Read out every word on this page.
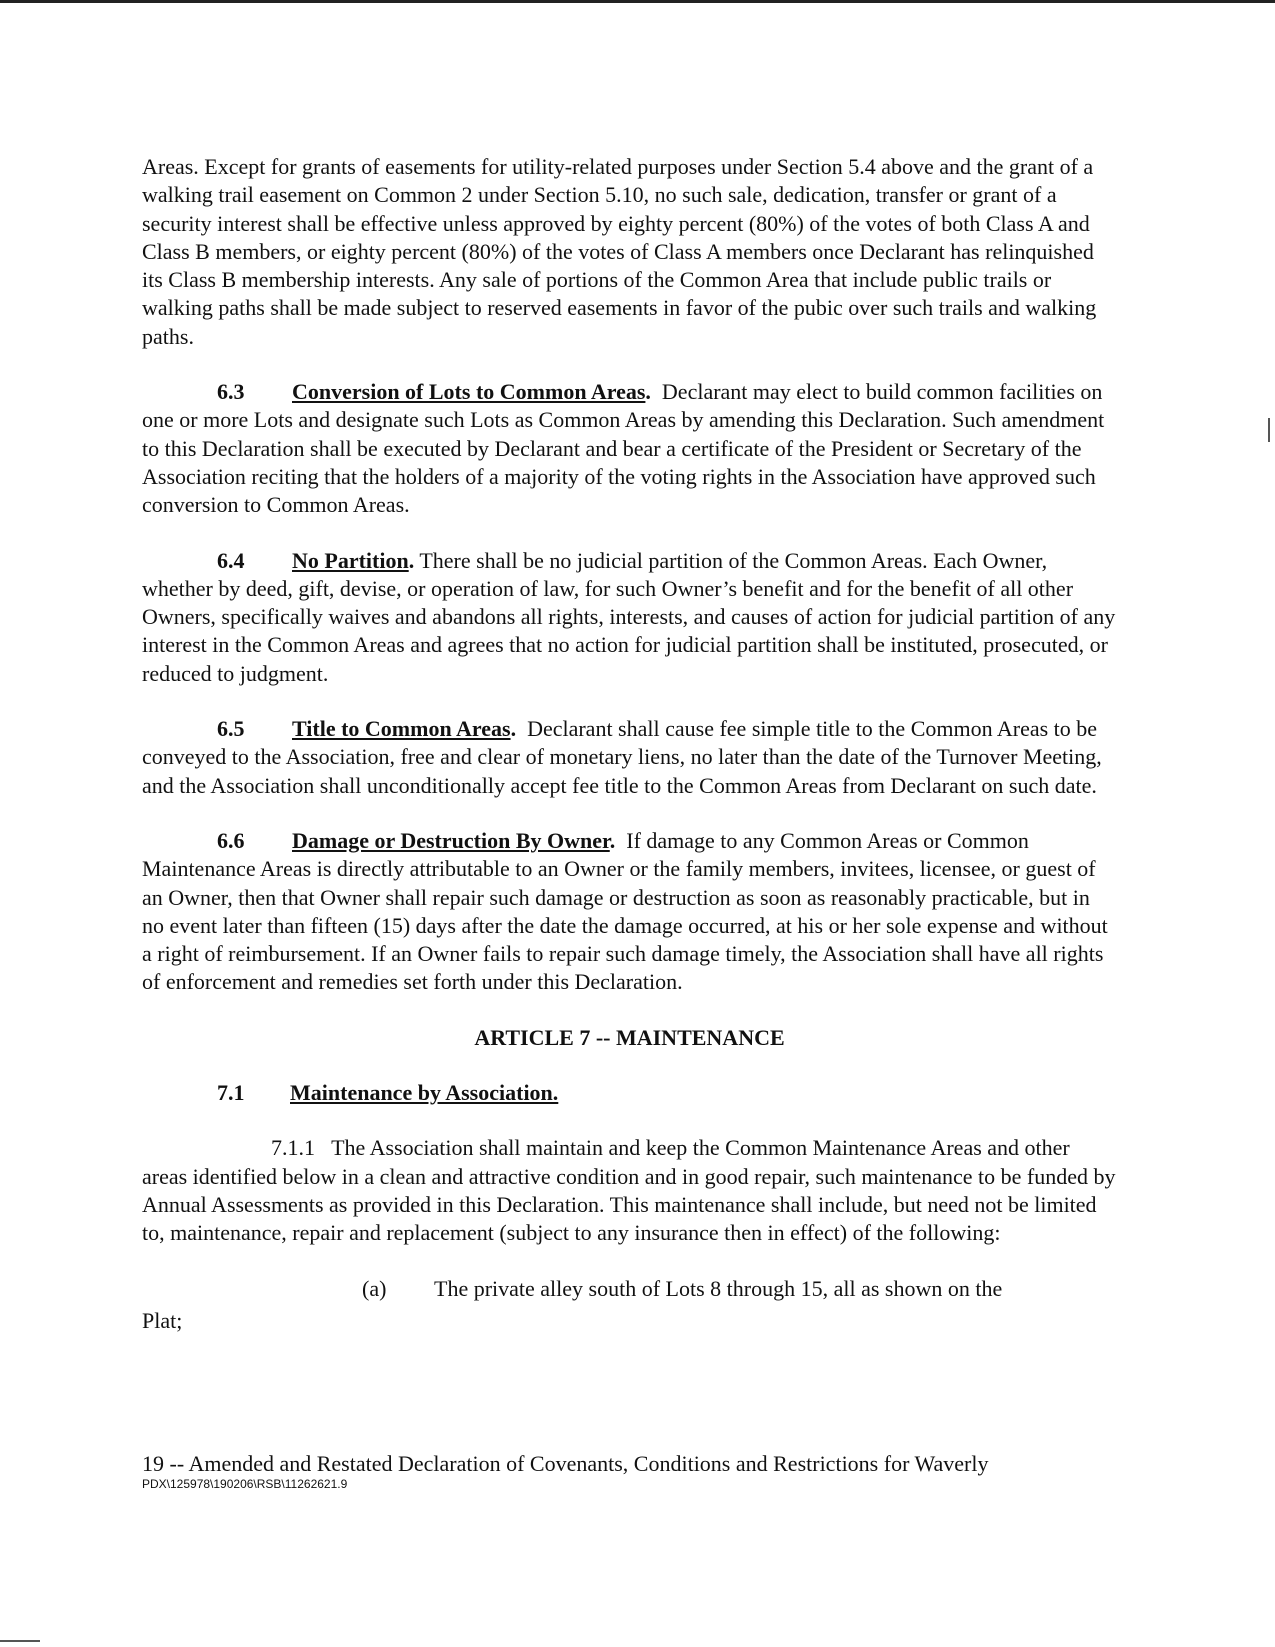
Areas. Except for grants of easements for utility-related purposes under Section 5.4 above and the grant of a walking trail easement on Common 2 under Section 5.10, no such sale, dedication, transfer or grant of a security interest shall be effective unless approved by eighty percent (80%) of the votes of both Class A and Class B members, or eighty percent (80%) of the votes of Class A members once Declarant has relinquished its Class B membership interests. Any sale of portions of the Common Area that include public trails or walking paths shall be made subject to reserved easements in favor of the pubic over such trails and walking paths.

6.3 Conversion of Lots to Common Areas. Declarant may elect to build common facilities on one or more Lots and designate such Lots as Common Areas by amending this Declaration. Such amendment to this Declaration shall be executed by Declarant and bear a certificate of the President or Secretary of the Association reciting that the holders of a majority of the voting rights in the Association have approved such conversion to Common Areas.

6.4 No Partition. There shall be no judicial partition of the Common Areas. Each Owner, whether by deed, gift, devise, or operation of law, for such Owner’s benefit and for the benefit of all other Owners, specifically waives and abandons all rights, interests, and causes of action for judicial partition of any interest in the Common Areas and agrees that no action for judicial partition shall be instituted, prosecuted, or reduced to judgment.

6.5 Title to Common Areas. Declarant shall cause fee simple title to the Common Areas to be conveyed to the Association, free and clear of monetary liens, no later than the date of the Turnover Meeting, and the Association shall unconditionally accept fee title to the Common Areas from Declarant on such date.

6.6 Damage or Destruction By Owner. If damage to any Common Areas or Common Maintenance Areas is directly attributable to an Owner or the family members, invitees, licensee, or guest of an Owner, then that Owner shall repair such damage or destruction as soon as reasonably practicable, but in no event later than fifteen (15) days after the date the damage occurred, at his or her sole expense and without a right of reimbursement. If an Owner fails to repair such damage timely, the Association shall have all rights of enforcement and remedies set forth under this Declaration.

ARTICLE 7 -- MAINTENANCE

7.1 Maintenance by Association.

7.1.1 The Association shall maintain and keep the Common Maintenance Areas and other areas identified below in a clean and attractive condition and in good repair, such maintenance to be funded by Annual Assessments as provided in this Declaration. This maintenance shall include, but need not be limited to, maintenance, repair and replacement (subject to any insurance then in effect) of the following:

(a) The private alley south of Lots 8 through 15, all as shown on the

Plat;

19 -- Amended and Restated Declaration of Covenants, Conditions and Restrictions for Waverly
PDX\125978\190206\RSB\11262621.9
